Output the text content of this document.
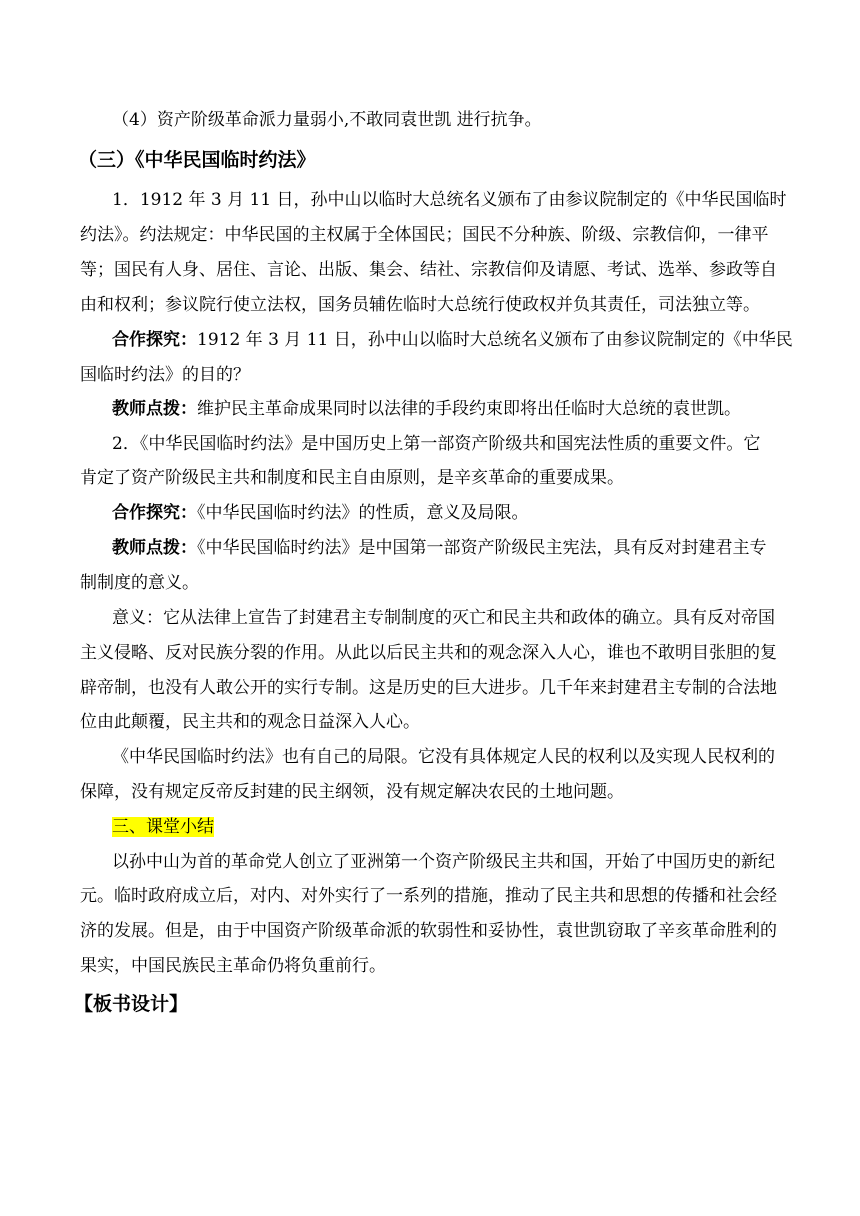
（4）资产阶级革命派力量弱小,不敢同袁世凯 进行抗争。
（三）《中华民国临时约法》
1．1912 年 3 月 11 日，孙中山以临时大总统名义颁布了由参议院制定的《中华民国临时
约法》。约法规定：中华民国的主权属于全体国民；国民不分种族、阶级、宗教信仰，一律平
等；国民有人身、居住、言论、出版、集会、结社、宗教信仰及请愿、考试、选举、参政等自
由和权利；参议院行使立法权，国务员辅佐临时大总统行使政权并负其责任，司法独立等。
合作探究：1912 年 3 月 11 日，孙中山以临时大总统名义颁布了由参议院制定的《中华民
国临时约法》的目的？
教师点拨：维护民主革命成果同时以法律的手段约束即将出任临时大总统的袁世凯。
2．《中华民国临时约法》是中国历史上第一部资产阶级共和国宪法性质的重要文件。它
肯定了资产阶级民主共和制度和民主自由原则，是辛亥革命的重要成果。
合作探究：《中华民国临时约法》的性质，意义及局限。
教师点拨：《中华民国临时约法》是中国第一部资产阶级民主宪法，具有反对封建君主专
制制度的意义。
意义：它从法律上宣告了封建君主专制制度的灭亡和民主共和政体的确立。具有反对帝国
主义侵略、反对民族分裂的作用。从此以后民主共和的观念深入人心，谁也不敢明目张胆的复
辟帝制，也没有人敢公开的实行专制。这是历史的巨大进步。几千年来封建君主专制的合法地
位由此颠覆，民主共和的观念日益深入人心。
《中华民国临时约法》也有自己的局限。它没有具体规定人民的权利以及实现人民权利的
保障，没有规定反帝反封建的民主纲领，没有规定解决农民的土地问题。
三、课堂小结
以孙中山为首的革命党人创立了亚洲第一个资产阶级民主共和国，开始了中国历史的新纪
元。临时政府成立后，对内、对外实行了一系列的措施，推动了民主共和思想的传播和社会经
济的发展。但是，由于中国资产阶级革命派的软弱性和妥协性，袁世凯窃取了辛亥革命胜利的
果实，中国民族民主革命仍将负重前行。
【板书设计】
